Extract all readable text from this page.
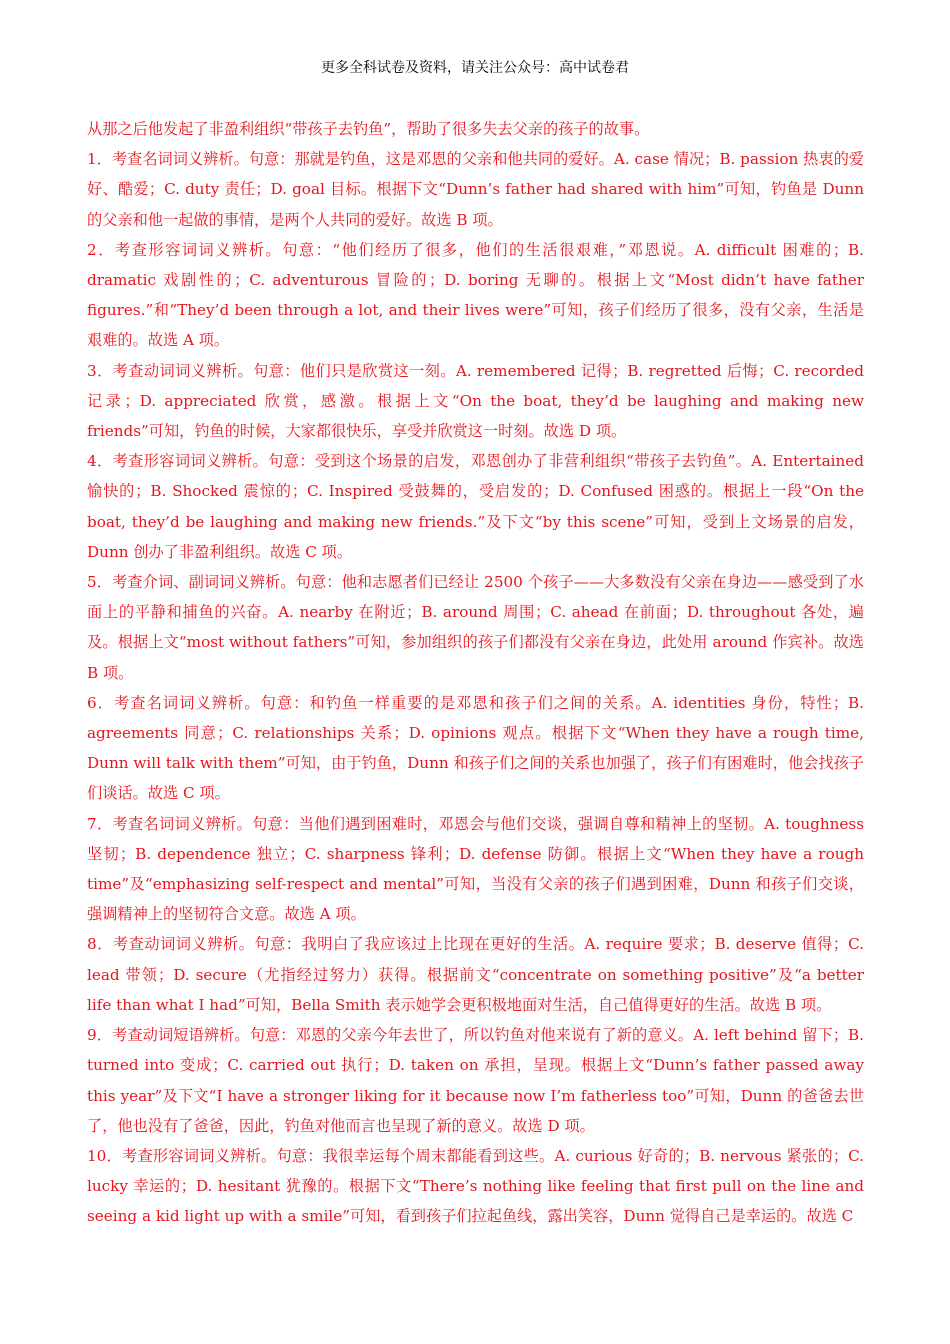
更多全科试卷及资料，请关注公众号：高中试卷君

从那之后他发起了非盈利组织“带孩子去钓鱼”，帮助了很多失去父亲的孩子的故事。

1．考查名词词义辨析。句意：那就是钓鱼，这是邓恩的父亲和他共同的爱好。A. case 情况；B. passion 热衷的爱好、酷爱；C. duty 责任；D. goal 目标。根据下文“Dunn’s father had shared with him”可知，钓鱼是 Dunn 的父亲和他一起做的事情，是两个人共同的爱好。故选 B 项。

2．考查形容词词义辨析。句意：“他们经历了很多，他们的生活很艰难，”邓恩说。A. difficult 困难的；B. dramatic 戏剧性的；C. adventurous 冒险的；D. boring 无聊的。根据上文“Most didn’t have father figures.”和“They’d been through a lot, and their lives were”可知，孩子们经历了很多，没有父亲，生活是艰难的。故选 A 项。

3．考查动词词义辨析。句意：他们只是欣赏这一刻。A. remembered 记得；B. regretted 后悔；C. recorded 记录；D. appreciated 欣赏，感激。根据上文“On the boat, they’d be laughing and making new friends”可知，钓鱼的时候，大家都很快乐，享受并欣赏这一时刻。故选 D 项。

4．考查形容词词义辨析。句意：受到这个场景的启发，邓恩创办了非营利组织“带孩子去钓鱼”。A. Entertained 愉快的；B. Shocked 震惊的；C. Inspired 受鼓舞的，受启发的；D. Confused 困惑的。根据上一段“On the boat, they’d be laughing and making new friends.”及下文“by this scene”可知，受到上文场景的启发，Dunn 创办了非盈利组织。故选 C 项。

5．考查介词、副词词义辨析。句意：他和志愿者们已经让 2500 个孩子——大多数没有父亲在身边——感受到了水面上的平静和捕鱼的兴奋。A. nearby 在附近；B. around 周围；C. ahead 在前面；D. throughout 各处，遍及。根据上文“most without fathers”可知，参加组织的孩子们都没有父亲在身边，此处用 around 作宾补。故选 B 项。

6．考查名词词义辨析。句意：和钓鱼一样重要的是邓恩和孩子们之间的关系。A. identities 身份，特性；B. agreements 同意；C. relationships 关系；D. opinions 观点。根据下文“When they have a rough time, Dunn will talk with them”可知，由于钓鱼，Dunn 和孩子们之间的关系也加强了，孩子们有困难时，他会找孩子们谈话。故选 C 项。

7．考查名词词义辨析。句意：当他们遇到困难时，邓恩会与他们交谈，强调自尊和精神上的坚韧。A. toughness 坚韧；B. dependence 独立；C. sharpness 锋利；D. defense 防御。根据上文“When they have a rough time”及“emphasizing self-respect and mental”可知，当没有父亲的孩子们遇到困难，Dunn 和孩子们交谈，强调精神上的坚韧符合文意。故选 A 项。

8．考查动词词义辨析。句意：我明白了我应该过上比现在更好的生活。A. require 要求；B. deserve 值得；C. lead 带领；D. secure（尤指经过努力）获得。根据前文“concentrate on something positive”及“a better life than what I had”可知，Bella Smith 表示她学会更积极地面对生活，自己值得更好的生活。故选 B 项。

9．考查动词短语辨析。句意：邓恩的父亲今年去世了，所以钓鱼对他来说有了新的意义。A. left behind 留下；B. turned into 变成；C. carried out 执行；D. taken on 承担，呈现。根据上文“Dunn’s father passed away this year”及下文“I have a stronger liking for it because now I’m fatherless too”可知，Dunn 的爸爸去世了，他也没有了爸爸，因此，钓鱼对他而言也呈现了新的意义。故选 D 项。

10．考查形容词词义辨析。句意：我很幸运每个周末都能看到这些。A. curious 好奇的；B. nervous 紧张的；C. lucky 幸运的；D. hesitant 犹豫的。根据下文“There’s nothing like feeling that first pull on the line and seeing a kid light up with a smile”可知，看到孩子们拉起鱼线，露出笑容，Dunn 觉得自己是幸运的。故选 C
